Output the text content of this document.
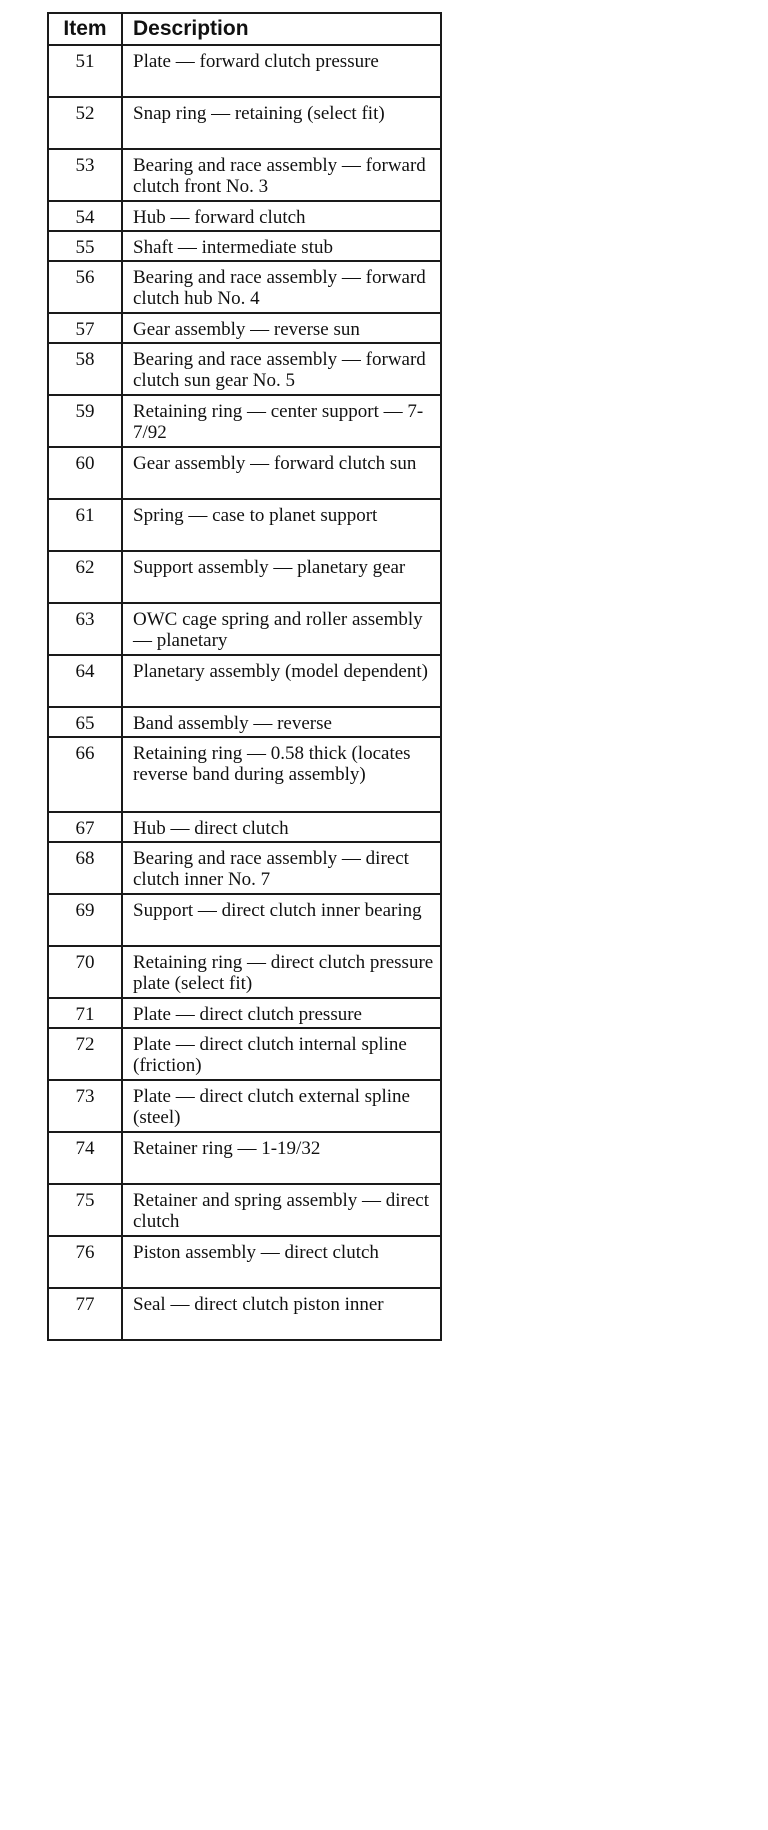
Item	Description
51	Plate — forward clutch pressure
52	Snap ring — retaining (select fit)
53	Bearing and race assembly — forward clutch front No. 3
54	Hub — forward clutch
55	Shaft — intermediate stub
56	Bearing and race assembly — forward clutch hub No. 4
57	Gear assembly — reverse sun
58	Bearing and race assembly — forward clutch sun gear No. 5
59	Retaining ring — center support — 7-7/92
60	Gear assembly — forward clutch sun
61	Spring — case to planet support
62	Support assembly — planetary gear
63	OWC cage spring and roller assembly — planetary
64	Planetary assembly (model dependent)
65	Band assembly — reverse
66	Retaining ring — 0.58 thick (locates reverse band during assembly)
67	Hub — direct clutch
68	Bearing and race assembly — direct clutch inner No. 7
69	Support — direct clutch inner bearing
70	Retaining ring — direct clutch pressure plate (select fit)
71	Plate — direct clutch pressure
72	Plate — direct clutch internal spline (friction)
73	Plate — direct clutch external spline (steel)
74	Retainer ring — 1-19/32
75	Retainer and spring assembly — direct clutch
76	Piston assembly — direct clutch
77	Seal — direct clutch piston inner
